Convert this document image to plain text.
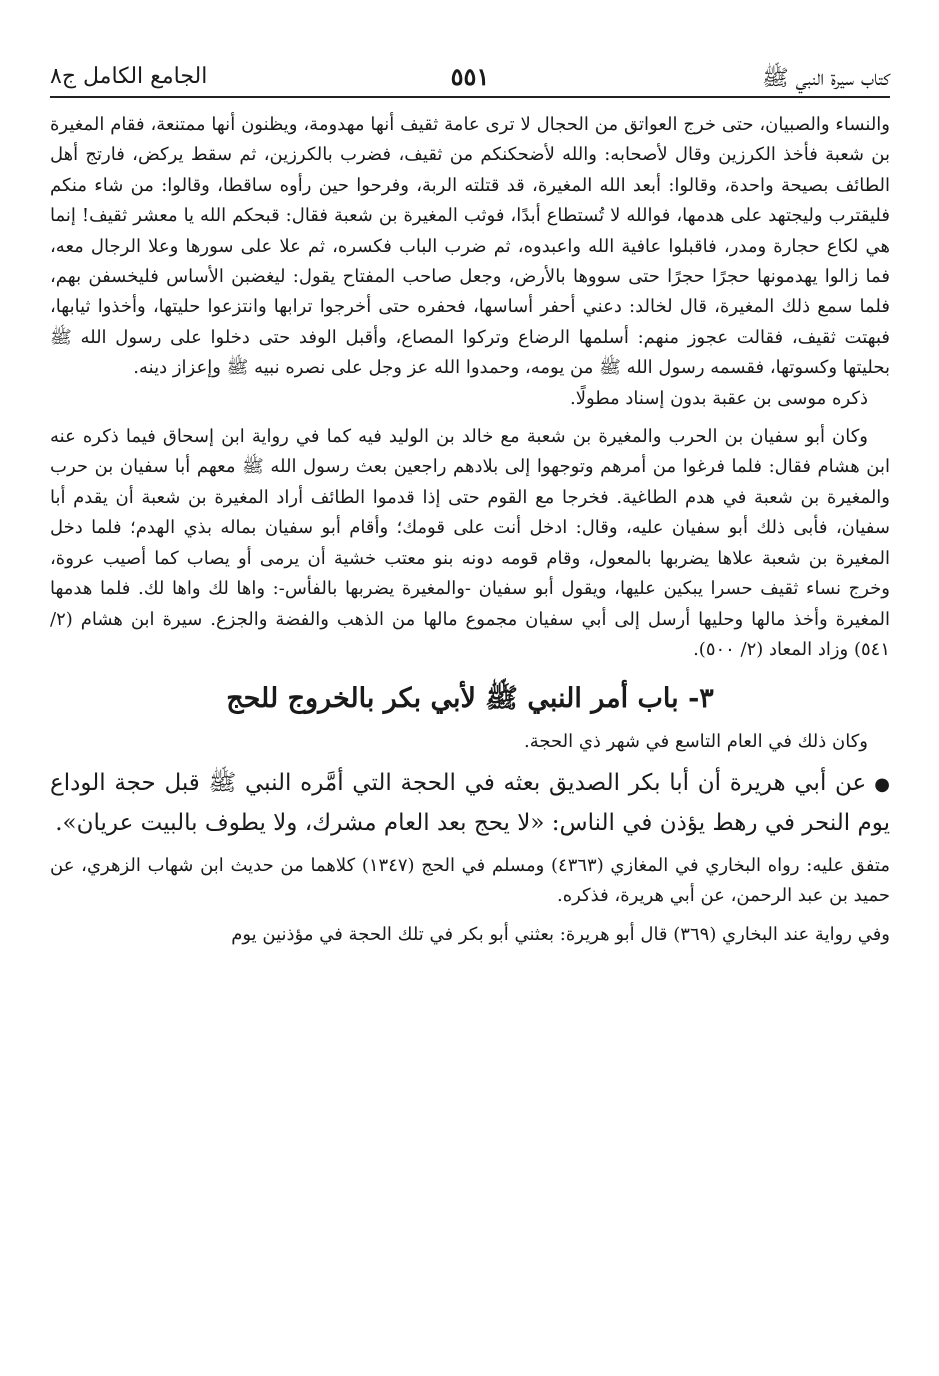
كتاب سيرة النبي ﷺ
٥٥١
الجامع الكامل ج٨

والنساء والصبيان، حتى خرج العواتق من الحجال لا ترى عامة ثقيف أنها مهدومة، ويظنون أنها ممتنعة، فقام المغيرة بن شعبة فأخذ الكرزين وقال لأصحابه: والله لأضحكنكم من ثقيف، فضرب بالكرزين، ثم سقط يركض، فارتج أهل الطائف بصيحة واحدة، وقالوا: أبعد الله المغيرة، قد قتلته الربة، وفرحوا حين رأوه ساقطا، وقالوا: من شاء منكم فليقترب وليجتهد على هدمها، فوالله لا تُستطاع أبدًا، فوثب المغيرة بن شعبة فقال: قبحكم الله يا معشر ثقيف! إنما هي لكاع حجارة ومدر، فاقبلوا عافية الله واعبدوه، ثم ضرب الباب فكسره، ثم علا على سورها وعلا الرجال معه، فما زالوا يهدمونها حجرًا حجرًا حتى سووها بالأرض، وجعل صاحب المفتاح يقول: ليغضبن الأساس فليخسفن بهم، فلما سمع ذلك المغيرة، قال لخالد: دعني أحفر أساسها، فحفره حتى أخرجوا ترابها وانتزعوا حليتها، وأخذوا ثيابها، فبهتت ثقيف، فقالت عجوز منهم: أسلمها الرضاع وتركوا المصاع، وأقبل الوفد حتى دخلوا على رسول الله ﷺ بحليتها وكسوتها، فقسمه رسول الله ﷺ من يومه، وحمدوا الله عز وجل على نصره نبيه ﷺ وإعزاز دينه.

ذكره موسى بن عقبة بدون إسناد مطولًا.

وكان أبو سفيان بن الحرب والمغيرة بن شعبة مع خالد بن الوليد فيه كما في رواية ابن إسحاق فيما ذكره عنه ابن هشام فقال: فلما فرغوا من أمرهم وتوجهوا إلى بلادهم راجعين بعث رسول الله ﷺ معهم أبا سفيان بن حرب والمغيرة بن شعبة في هدم الطاغية. فخرجا مع القوم حتى إذا قدموا الطائف أراد المغيرة بن شعبة أن يقدم أبا سفيان، فأبى ذلك أبو سفيان عليه، وقال: ادخل أنت على قومك؛ وأقام أبو سفيان بماله بذي الهدم؛ فلما دخل المغيرة بن شعبة علاها يضربها بالمعول، وقام قومه دونه بنو معتب خشية أن يرمى أو يصاب كما أصيب عروة، وخرج نساء ثقيف حسرا يبكين عليها، ويقول أبو سفيان -والمغيرة يضربها بالفأس-: واها لك واها لك. فلما هدمها المغيرة وأخذ مالها وحليها أرسل إلى أبي سفيان مجموع مالها من الذهب والفضة والجزع. سيرة ابن هشام (٢/ ٥٤١) وزاد المعاد (٢/ ٥٠٠).

٣- باب أمر النبي ﷺ لأبي بكر بالخروج للحج

وكان ذلك في العام التاسع في شهر ذي الحجة.

●عن أبي هريرة أن أبا بكر الصديق بعثه في الحجة التي أمَّره النبي ﷺ قبل حجة الوداع يوم النحر في رهط يؤذن في الناس: «لا يحج بعد العام مشرك، ولا يطوف بالبيت عريان».

متفق عليه: رواه البخاري في المغازي (٤٣٦٣) ومسلم في الحج (١٣٤٧) كلاهما من حديث ابن شهاب الزهري، عن حميد بن عبد الرحمن، عن أبي هريرة، فذكره.

وفي رواية عند البخاري (٣٦٩) قال أبو هريرة: بعثني أبو بكر في تلك الحجة في مؤذنين يوم
